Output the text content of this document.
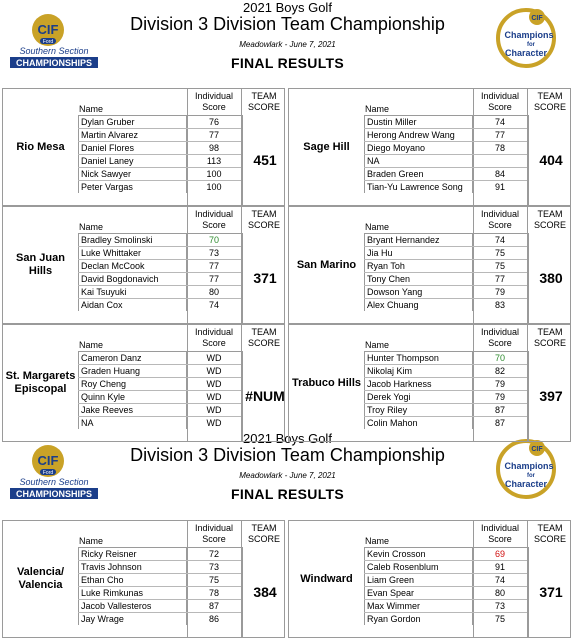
2021 Boys Golf
Division 3 Division Team Championship
Meadowlark - June 7, 2021
FINAL RESULTS
CIF
Ford
Southern Section
CHAMPIONSHIPS
CIF
Champions
for
Character
2021 Boys Golf
Division 3 Division Team Championship
Meadowlark - June 7, 2021
FINAL RESULTS
CIF
Ford
Southern Section
CHAMPIONSHIPS
CIF
Champions
for
Character
Rio Mesa
Name
Individual
Score
TEAM
SCORE
Dylan Gruber	76
Martin Alvarez	77
Daniel Flores	98
Daniel Laney	113
Nick Sawyer	100
Peter Vargas	100
451
Sage Hill
Name
Individual
Score
TEAM
SCORE
Dustin Miller	74
Herong Andrew Wang	77
Diego Moyano	78
NA
Braden Green	84
Tian-Yu Lawrence Song	91
404
San Juan Hills
Name
Individual
Score
TEAM
SCORE
Bradley Smolinski	70
Luke Whittaker	73
Declan McCook	77
David Bogdonavich	77
Kai Tsuyuki	80
Aidan Cox	74
371
San Marino
Name
Individual
Score
TEAM
SCORE
Bryant Hernandez	74
Jia Hu	75
Ryan Toh	75
Tony Chen	77
Dowson Yang	79
Alex Chuang	83
380
St. Margarets Episcopal
Name
Individual
Score
TEAM
SCORE
Cameron Danz	WD
Graden Huang	WD
Roy Cheng	WD
Quinn Kyle	WD
Jake Reeves	WD
NA	WD
#NUM
Trabuco Hills
Name
Individual
Score
TEAM
SCORE
Hunter Thompson	70
Nikolaj Kim	82
Jacob Harkness	79
Derek Yogi	79
Troy Riley	87
Colin Mahon	87
397
Valencia/ Valencia
Name
Individual
Score
TEAM
SCORE
Ricky Reisner	72
Travis Johnson	73
Ethan Cho	75
Luke Rimkunas	78
Jacob Vallesteros	87
Jay Wrage	86
384
Windward
Name
Individual
Score
TEAM
SCORE
Kevin Crosson	69
Caleb Rosenblum	91
Liam Green	74
Evan Spear	80
Max Wimmer	73
Ryan Gordon	75
371
